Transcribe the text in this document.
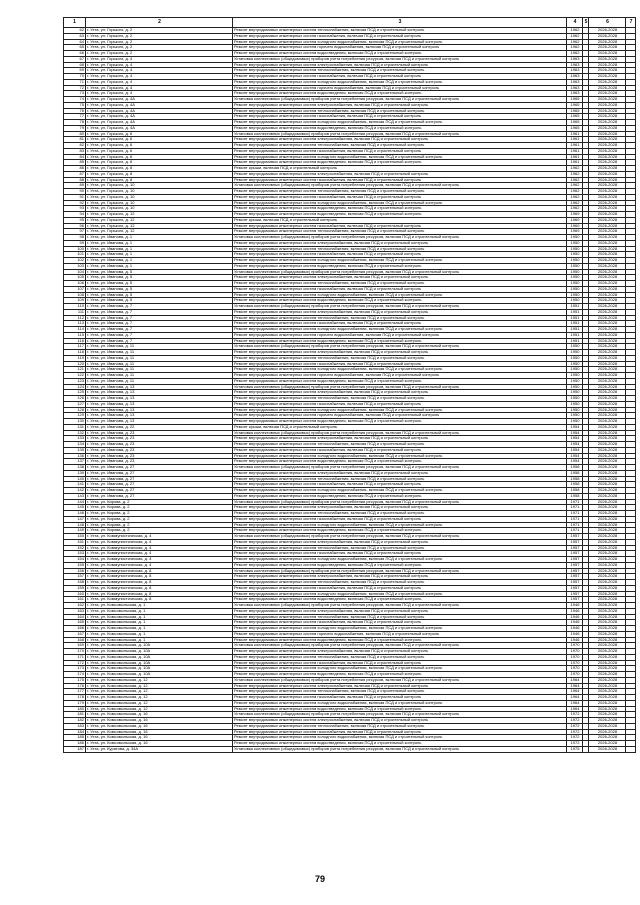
1	2	3	4	5	6	7
62	г. Ухта, ул. Горького, д. 2	Ремонт внутридомовых инженерных систем теплоснабжения, включая ПСД и строительный контроль	1962		2026-2028	
63	г. Ухта, ул. Горького, д. 2	Ремонт внутридомовых инженерных систем газоснабжения, включая ПСД и строительный контроль	1962		2026-2028	
64	г. Ухта, ул. Горького, д. 2	Ремонт внутридомовых инженерных систем холодного водоснабжения, включая ПСД и строительный контроль	1962		2026-2028	
65	г. Ухта, ул. Горького, д. 2	Ремонт внутридомовых инженерных систем горячего водоснабжения, включая ПСД и строительный контроль	1962		2026-2028	
66	г. Ухта, ул. Горького, д. 2	Ремонт внутридомовых инженерных систем водоотведения, включая ПСД и строительный контроль	1962		2026-2028	
67	г. Ухта, ул. Горького, д. 4	Установка коллективных (общедомовых) приборов учета потребления ресурсов, включая ПСД и строительный контроль	1963		2026-2028	
68	г. Ухта, ул. Горького, д. 4	Ремонт внутридомовых инженерных систем электроснабжения, включая ПСД и строительный контроль	1963		2026-2028	
69	г. Ухта, ул. Горького, д. 4	Ремонт внутридомовых инженерных систем теплоснабжения, включая ПСД и строительный контроль	1963		2026-2028	
70	г. Ухта, ул. Горького, д. 4	Ремонт внутридомовых инженерных систем газоснабжения, включая ПСД и строительный контроль	1963		2026-2028	
71	г. Ухта, ул. Горького, д. 4	Ремонт внутридомовых инженерных систем холодного водоснабжения, включая ПСД и строительный контроль	1963		2026-2028	
72	г. Ухта, ул. Горького, д. 4	Ремонт внутридомовых инженерных систем горячего водоснабжения, включая ПСД и строительный контроль	1963		2026-2028	
73	г. Ухта, ул. Горького, д. 4	Ремонт внутридомовых инженерных систем водоотведения, включая ПСД и строительный контроль	1963		2026-2028	
74	г. Ухта, ул. Горького, д. 4А	Установка коллективных (общедомовых) приборов учета потребления ресурсов, включая ПСД и строительный контроль	1965		2026-2028	
75	г. Ухта, ул. Горького, д. 4А	Ремонт внутридомовых инженерных систем электроснабжения, включая ПСД и строительный контроль	1965		2026-2028	
76	г. Ухта, ул. Горького, д. 4А	Ремонт внутридомовых инженерных систем теплоснабжения, включая ПСД и строительный контроль	1965		2026-2028	
77	г. Ухта, ул. Горького, д. 4А	Ремонт внутридомовых инженерных систем газоснабжения, включая ПСД и строительный контроль	1965		2026-2028	
78	г. Ухта, ул. Горького, д. 4А	Ремонт внутридомовых инженерных систем холодного водоснабжения, включая ПСД и строительный контроль	1965		2026-2028	
79	г. Ухта, ул. Горького, д. 4А	Ремонт внутридомовых инженерных систем водоотведения, включая ПСД и строительный контроль	1965		2026-2028	
80	г. Ухта, ул. Горького, д. 6	Установка коллективных (общедомовых) приборов учета потребления ресурсов, включая ПСД и строительный контроль	1961		2026-2028	
81	г. Ухта, ул. Горького, д. 6	Ремонт внутридомовых инженерных систем электроснабжения, включая ПСД и строительный контроль	1961		2026-2028	
82	г. Ухта, ул. Горького, д. 6	Ремонт внутридомовых инженерных систем теплоснабжения, включая ПСД и строительный контроль	1961		2026-2028	
83	г. Ухта, ул. Горького, д. 6	Ремонт внутридомовых инженерных систем газоснабжения, включая ПСД и строительный контроль	1961		2026-2028	
84	г. Ухта, ул. Горького, д. 6	Ремонт внутридомовых инженерных систем холодного водоснабжения, включая ПСД и строительный контроль	1961		2026-2028	
85	г. Ухта, ул. Горького, д. 6	Ремонт внутридомовых инженерных систем водоотведения, включая ПСД и строительный контроль	1961		2026-2028	
86	г. Ухта, ул. Горького, д. 8	Ремонт крыши, включая ПСД и строительный контроль	1962		2026-2028	
87	г. Ухта, ул. Горького, д. 8	Ремонт внутридомовых инженерных систем электроснабжения, включая ПСД и строительный контроль	1962		2026-2028	
88	г. Ухта, ул. Горького, д. 8	Ремонт внутридомовых инженерных систем газоснабжения, включая ПСД и строительный контроль	1962		2026-2028	
89	г. Ухта, ул. Горького, д. 10	Установка коллективных (общедомовых) приборов учета потребления ресурсов, включая ПСД и строительный контроль	1962		2026-2028	
90	г. Ухта, ул. Горького, д. 10	Ремонт внутридомовых инженерных систем теплоснабжения, включая ПСД и строительный контроль	1962		2026-2028	
91	г. Ухта, ул. Горького, д. 10	Ремонт внутридомовых инженерных систем газоснабжения, включая ПСД и строительный контроль	1962		2026-2028	
92	г. Ухта, ул. Горького, д. 10	Ремонт внутридомовых инженерных систем холодного водоснабжения, включая ПСД и строительный контроль	1962		2026-2028	
93	г. Ухта, ул. Горького, д. 10	Ремонт внутридомовых инженерных систем водоотведения, включая ПСД и строительный контроль	1962		2026-2028	
94	г. Ухта, ул. Горького, д. 12	Ремонт внутридомовых инженерных систем водоотведения, включая ПСД и строительный контроль	1969		2026-2028	
95	г. Ухта, ул. Горького, д. 12	Ремонт крыши, включая ПСД и строительный контроль	1969		2026-2028	
96	г. Ухта, ул. Горького, д. 12	Ремонт внутридомовых инженерных систем газоснабжения, включая ПСД и строительный контроль	1969		2026-2028	
97	г. Ухта, ул. Горького, д. 12	Ремонт внутридомовых инженерных систем теплоснабжения, включая ПСД и строительный контроль	1969		2026-2028	
98	г. Ухта, ул. Иванова, д. 1	Установка коллективных (общедомовых) приборов учета потребления ресурсов, включая ПСД и строительный контроль	1950		2026-2028	
99	г. Ухта, ул. Иванова, д. 1	Ремонт внутридомовых инженерных систем электроснабжения, включая ПСД и строительный контроль	1950		2026-2028	
100	г. Ухта, ул. Иванова, д. 1	Ремонт внутридомовых инженерных систем теплоснабжения, включая ПСД и строительный контроль	1950		2026-2028	
101	г. Ухта, ул. Иванова, д. 1	Ремонт внутридомовых инженерных систем газоснабжения, включая ПСД и строительный контроль	1950		2026-2028	
102	г. Ухта, ул. Иванова, д. 1	Ремонт внутридомовых инженерных систем холодного водоснабжения, включая ПСД и строительный контроль	1950		2026-2028	
103	г. Ухта, ул. Иванова, д. 1	Ремонт внутридомовых инженерных систем водоотведения, включая ПСД и строительный контроль	1950		2026-2028	
104	г. Ухта, ул. Иванова, д. 5	Установка коллективных (общедомовых) приборов учета потребления ресурсов, включая ПСД и строительный контроль	1950		2026-2028	
105	г. Ухта, ул. Иванова, д. 5	Ремонт внутридомовых инженерных систем электроснабжения, включая ПСД и строительный контроль	1950		2026-2028	
106	г. Ухта, ул. Иванова, д. 5	Ремонт внутридомовых инженерных систем теплоснабжения, включая ПСД и строительный контроль	1950		2026-2028	
107	г. Ухта, ул. Иванова, д. 5	Ремонт внутридомовых инженерных систем газоснабжения, включая ПСД и строительный контроль	1950		2026-2028	
108	г. Ухта, ул. Иванова, д. 5	Ремонт внутридомовых инженерных систем холодного водоснабжения, включая ПСД и строительный контроль	1950		2026-2028	
109	г. Ухта, ул. Иванова, д. 5	Ремонт внутридомовых инженерных систем водоотведения, включая ПСД и строительный контроль	1950		2026-2028	
110	г. Ухта, ул. Иванова, д. 7	Установка коллективных (общедомовых) приборов учета потребления ресурсов, включая ПСД и строительный контроль	1951		2026-2028	
111	г. Ухта, ул. Иванова, д. 7	Ремонт внутридомовых инженерных систем электроснабжения, включая ПСД и строительный контроль	1951		2026-2028	
112	г. Ухта, ул. Иванова, д. 7	Ремонт внутридомовых инженерных систем теплоснабжения, включая ПСД и строительный контроль	1951		2026-2028	
113	г. Ухта, ул. Иванова, д. 7	Ремонт внутридомовых инженерных систем газоснабжения, включая ПСД и строительный контроль	1951		2026-2028	
114	г. Ухта, ул. Иванова, д. 7	Ремонт внутридомовых инженерных систем холодного водоснабжения, включая ПСД и строительный контроль	1951		2026-2028	
115	г. Ухта, ул. Иванова, д. 7	Ремонт внутридомовых инженерных систем горячего водоснабжения, включая ПСД и строительный контроль	1951		2026-2028	
116	г. Ухта, ул. Иванова, д. 7	Ремонт внутридомовых инженерных систем водоотведения, включая ПСД и строительный контроль	1951		2026-2028	
117	г. Ухта, ул. Иванова, д. 11	Установка коллективных (общедомовых) приборов учета потребления ресурсов, включая ПСД и строительный контроль	1950		2026-2028	
118	г. Ухта, ул. Иванова, д. 11	Ремонт внутридомовых инженерных систем электроснабжения, включая ПСД и строительный контроль	1950		2026-2028	
119	г. Ухта, ул. Иванова, д. 11	Ремонт внутридомовых инженерных систем теплоснабжения, включая ПСД и строительный контроль	1950		2026-2028	
120	г. Ухта, ул. Иванова, д. 11	Ремонт внутридомовых инженерных систем газоснабжения, включая ПСД и строительный контроль	1950		2026-2028	
121	г. Ухта, ул. Иванова, д. 11	Ремонт внутридомовых инженерных систем холодного водоснабжения, включая ПСД и строительный контроль	1950		2026-2028	
122	г. Ухта, ул. Иванова, д. 11	Ремонт внутридомовых инженерных систем горячего водоснабжения, включая ПСД и строительный контроль	1950		2026-2028	
123	г. Ухта, ул. Иванова, д. 11	Ремонт внутридомовых инженерных систем водоотведения, включая ПСД и строительный контроль	1950		2026-2028	
124	г. Ухта, ул. Иванова, д. 13	Установка коллективных (общедомовых) приборов учета потребления ресурсов, включая ПСД и строительный контроль	1950		2026-2028	
125	г. Ухта, ул. Иванова, д. 13	Ремонт внутридомовых инженерных систем электроснабжения, включая ПСД и строительный контроль	1950		2026-2028	
126	г. Ухта, ул. Иванова, д. 13	Ремонт внутридомовых инженерных систем теплоснабжения, включая ПСД и строительный контроль	1950		2026-2028	
127	г. Ухта, ул. Иванова, д. 13	Ремонт внутридомовых инженерных систем газоснабжения, включая ПСД и строительный контроль	1950		2026-2028	
128	г. Ухта, ул. Иванова, д. 13	Ремонт внутридомовых инженерных систем холодного водоснабжения, включая ПСД и строительный контроль	1950		2026-2028	
129	г. Ухта, ул. Иванова, д. 13	Ремонт внутридомовых инженерных систем горячего водоснабжения, включая ПСД и строительный контроль	1950		2026-2028	
130	г. Ухта, ул. Иванова, д. 13	Ремонт внутридомовых инженерных систем водоотведения, включая ПСД и строительный контроль	1950		2026-2028	
131	г. Ухта, ул. Иванова, д. 22	Ремонт крыши, включая ПСД и строительный контроль	1954		2026-2028	
132	г. Ухта, ул. Иванова, д. 23	Установка коллективных (общедомовых) приборов учета потребления ресурсов, включая ПСД и строительный контроль	1954		2026-2028	
133	г. Ухта, ул. Иванова, д. 23	Ремонт внутридомовых инженерных систем электроснабжения, включая ПСД и строительный контроль	1954		2026-2028	
134	г. Ухта, ул. Иванова, д. 23	Ремонт внутридомовых инженерных систем теплоснабжения, включая ПСД и строительный контроль	1954		2026-2028	
135	г. Ухта, ул. Иванова, д. 23	Ремонт внутридомовых инженерных систем газоснабжения, включая ПСД и строительный контроль	1954		2026-2028	
136	г. Ухта, ул. Иванова, д. 23	Ремонт внутридомовых инженерных систем холодного водоснабжения, включая ПСД и строительный контроль	1954		2026-2028	
137	г. Ухта, ул. Иванова, д. 23	Ремонт внутридомовых инженерных систем водоотведения, включая ПСД и строительный контроль	1954		2026-2028	
138	г. Ухта, ул. Иванова, д. 27	Установка коллективных (общедомовых) приборов учета потребления ресурсов, включая ПСД и строительный контроль	1958		2026-2028	
139	г. Ухта, ул. Иванова, д. 27	Ремонт внутридомовых инженерных систем электроснабжения, включая ПСД и строительный контроль	1958		2026-2028	
140	г. Ухта, ул. Иванова, д. 27	Ремонт внутридомовых инженерных систем теплоснабжения, включая ПСД и строительный контроль	1958		2026-2028	
141	г. Ухта, ул. Иванова, д. 27	Ремонт внутридомовых инженерных систем газоснабжения, включая ПСД и строительный контроль	1958		2026-2028	
142	г. Ухта, ул. Иванова, д. 27	Ремонт внутридомовых инженерных систем холодного водоснабжения, включая ПСД и строительный контроль	1958		2026-2028	
143	г. Ухта, ул. Иванова, д. 27	Ремонт внутридомовых инженерных систем водоотведения, включая ПСД и строительный контроль	1958		2026-2028	
144	г. Ухта, ул. Кирова, д. 2	Установка коллективных (общедомовых) приборов учета потребления ресурсов, включая ПСД и строительный контроль	1971		2026-2028	
145	г. Ухта, ул. Кирова, д. 2	Ремонт внутридомовых инженерных систем электроснабжения, включая ПСД и строительный контроль	1971		2026-2028	
146	г. Ухта, ул. Кирова, д. 2	Ремонт внутридомовых инженерных систем теплоснабжения, включая ПСД и строительный контроль	1971		2026-2028	
147	г. Ухта, ул. Кирова, д. 2	Ремонт внутридомовых инженерных систем газоснабжения, включая ПСД и строительный контроль	1971		2026-2028	
148	г. Ухта, ул. Кирова, д. 2	Ремонт внутридомовых инженерных систем холодного водоснабжения, включая ПСД и строительный контроль	1971		2026-2028	
149	г. Ухта, ул. Кирова, д. 2	Ремонт внутридомовых инженерных систем водоотведения, включая ПСД и строительный контроль	1971		2026-2028	
150	г. Ухта, ул. Коммунистическая, д. 4	Установка коллективных (общедомовых) приборов учета потребления ресурсов, включая ПСД и строительный контроль	1957		2026-2028	
151	г. Ухта, ул. Коммунистическая, д. 4	Ремонт внутридомовых инженерных систем электроснабжения, включая ПСД и строительный контроль	1957		2026-2028	
152	г. Ухта, ул. Коммунистическая, д. 4	Ремонт внутридомовых инженерных систем теплоснабжения, включая ПСД и строительный контроль	1957		2026-2028	
153	г. Ухта, ул. Коммунистическая, д. 4	Ремонт внутридомовых инженерных систем газоснабжения, включая ПСД и строительный контроль	1957		2026-2028	
154	г. Ухта, ул. Коммунистическая, д. 4	Ремонт внутридомовых инженерных систем холодного водоснабжения, включая ПСД и строительный контроль	1957		2026-2028	
155	г. Ухта, ул. Коммунистическая, д. 4	Ремонт внутридомовых инженерных систем водоотведения, включая ПСД и строительный контроль	1957		2026-2028	
156	г. Ухта, ул. Коммунистическая, д. 8	Установка коллективных (общедомовых) приборов учета потребления ресурсов, включая ПСД и строительный контроль	1957		2026-2028	
157	г. Ухта, ул. Коммунистическая, д. 8	Ремонт внутридомовых инженерных систем электроснабжения, включая ПСД и строительный контроль	1957		2026-2028	
158	г. Ухта, ул. Коммунистическая, д. 8	Ремонт внутридомовых инженерных систем теплоснабжения, включая ПСД и строительный контроль	1957		2026-2028	
159	г. Ухта, ул. Коммунистическая, д. 8	Ремонт внутридомовых инженерных систем газоснабжения, включая ПСД и строительный контроль	1957		2026-2028	
160	г. Ухта, ул. Коммунистическая, д. 8	Ремонт внутридомовых инженерных систем холодного водоснабжения, включая ПСД и строительный контроль	1957		2026-2028	
161	г. Ухта, ул. Коммунистическая, д. 8	Ремонт внутридомовых инженерных систем водоотведения, включая ПСД и строительный контроль	1957		2026-2028	
162	г. Ухта, ул. Комсомольская, д. 1	Установка коллективных (общедомовых) приборов учета потребления ресурсов, включая ПСД и строительный контроль	1946		2026-2028	
163	г. Ухта, ул. Комсомольская, д. 1	Ремонт внутридомовых инженерных систем электроснабжения, включая ПСД и строительный контроль	1946		2026-2028	
164	г. Ухта, ул. Комсомольская, д. 1	Ремонт внутридомовых инженерных систем теплоснабжения, включая ПСД и строительный контроль	1946		2026-2028	
165	г. Ухта, ул. Комсомольская, д. 1	Ремонт внутридомовых инженерных систем газоснабжения, включая ПСД и строительный контроль	1946		2026-2028	
166	г. Ухта, ул. Комсомольская, д. 1	Ремонт внутридомовых инженерных систем холодного водоснабжения, включая ПСД и строительный контроль	1946		2026-2028	
167	г. Ухта, ул. Комсомольская, д. 1	Ремонт внутридомовых инженерных систем горячего водоснабжения, включая ПСД и строительный контроль	1946		2026-2028	
168	г. Ухта, ул. Комсомольская, д. 1	Ремонт внутридомовых инженерных систем водоотведения, включая ПСД и строительный контроль	1946		2026-2028	
169	г. Ухта, ул. Комсомольская, д. 10А	Установка коллективных (общедомовых) приборов учета потребления ресурсов, включая ПСД и строительный контроль	1970		2026-2028	
170	г. Ухта, ул. Комсомольская, д. 10А	Ремонт внутридомовых инженерных систем электроснабжения, включая ПСД и строительный контроль	1970		2026-2028	
171	г. Ухта, ул. Комсомольская, д. 10А	Ремонт внутридомовых инженерных систем теплоснабжения, включая ПСД и строительный контроль	1970		2026-2028	
172	г. Ухта, ул. Комсомольская, д. 10А	Ремонт внутридомовых инженерных систем газоснабжения, включая ПСД и строительный контроль	1970		2026-2028	
173	г. Ухта, ул. Комсомольская, д. 10А	Ремонт внутридомовых инженерных систем холодного водоснабжения, включая ПСД и строительный контроль	1970		2026-2028	
174	г. Ухта, ул. Комсомольская, д. 10А	Ремонт внутридомовых инженерных систем водоотведения, включая ПСД и строительный контроль	1970		2026-2028	
175	г. Ухта, ул. Комсомольская, д. 12	Установка коллективных (общедомовых) приборов учета потребления ресурсов, включая ПСД и строительный контроль	1964		2026-2028	
176	г. Ухта, ул. Комсомольская, д. 12	Ремонт внутридомовых инженерных систем электроснабжения, включая ПСД и строительный контроль	1964		2026-2028	
177	г. Ухта, ул. Комсомольская, д. 12	Ремонт внутридомовых инженерных систем теплоснабжения, включая ПСД и строительный контроль	1964		2026-2028	
178	г. Ухта, ул. Комсомольская, д. 12	Ремонт внутридомовых инженерных систем газоснабжения, включая ПСД и строительный контроль	1964		2026-2028	
179	г. Ухта, ул. Комсомольская, д. 12	Ремонт внутридомовых инженерных систем холодного водоснабжения, включая ПСД и строительный контроль	1964		2026-2028	
180	г. Ухта, ул. Комсомольская, д. 12	Ремонт внутридомовых инженерных систем водоотведения, включая ПСД и строительный контроль	1964		2026-2028	
181	г. Ухта, ул. Комсомольская, д. 16	Установка коллективных (общедомовых) приборов учета потребления ресурсов, включая ПСД и строительный контроль	1972		2026-2028	
182	г. Ухта, ул. Комсомольская, д. 16	Ремонт внутридомовых инженерных систем электроснабжения, включая ПСД и строительный контроль	1972		2026-2028	
183	г. Ухта, ул. Комсомольская, д. 16	Ремонт внутридомовых инженерных систем теплоснабжения, включая ПСД и строительный контроль	1972		2026-2028	
184	г. Ухта, ул. Комсомольская, д. 16	Ремонт внутридомовых инженерных систем газоснабжения, включая ПСД и строительный контроль	1972		2026-2028	
185	г. Ухта, ул. Комсомольская, д. 16	Ремонт внутридомовых инженерных систем холодного водоснабжения, включая ПСД и строительный контроль	1972		2026-2028	
186	г. Ухта, ул. Комсомольская, д. 16	Ремонт внутридомовых инженерных систем водоотведения, включая ПСД и строительный контроль	1972		2026-2028	
187	г. Ухта, ул. Куратова, д. 34А	Установка коллективных (общедомовых) приборов учета потребления ресурсов, включая ПСД и строительный контроль	1975		2026-2028	
79
